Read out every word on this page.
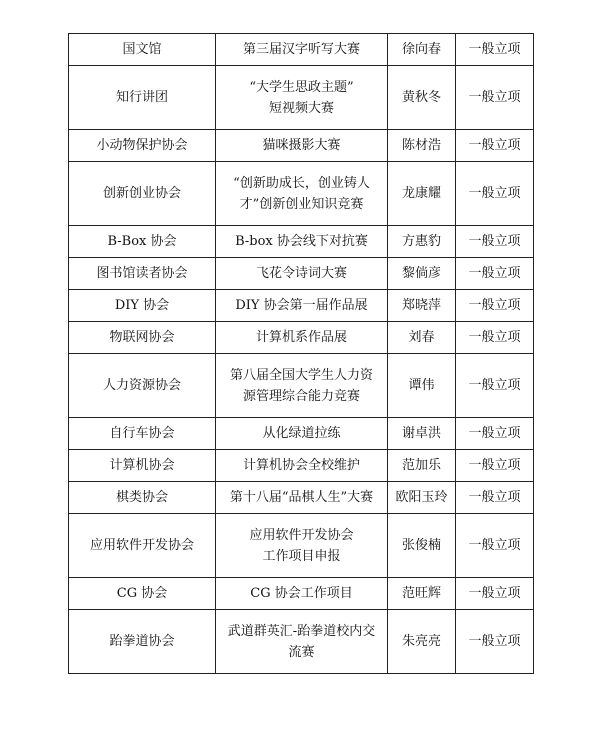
国文馆	第三届汉字听写大赛	徐向春	一般立项
知行讲团	“大学生思政主题”
短视频大赛	黄秋冬	一般立项
小动物保护协会	猫咪摄影大赛	陈材浩	一般立项
创新创业协会	“创新助成长，创业铸人
才”创新创业知识竞赛	龙康耀	一般立项
B-Box 协会	B-box 协会线下对抗赛	方惠豹	一般立项
图书馆读者协会	飞花令诗词大赛	黎倘彦	一般立项
DIY 协会	DIY 协会第一届作品展	郑晓萍	一般立项
物联网协会	计算机系作品展	刘春	一般立项
人力资源协会	第八届全国大学生人力资
源管理综合能力竞赛	谭伟	一般立项
自行车协会	从化绿道拉练	谢卓洪	一般立项
计算机协会	计算机协会全校维护	范加乐	一般立项
棋类协会	第十八届“品棋人生”大赛	欧阳玉玲	一般立项
应用软件开发协会	应用软件开发协会
工作项目申报	张俊楠	一般立项
CG 协会	CG 协会工作项目	范旺辉	一般立项
跆拳道协会	武道群英汇-跆拳道校内交
流赛	朱亮亮	一般立项
